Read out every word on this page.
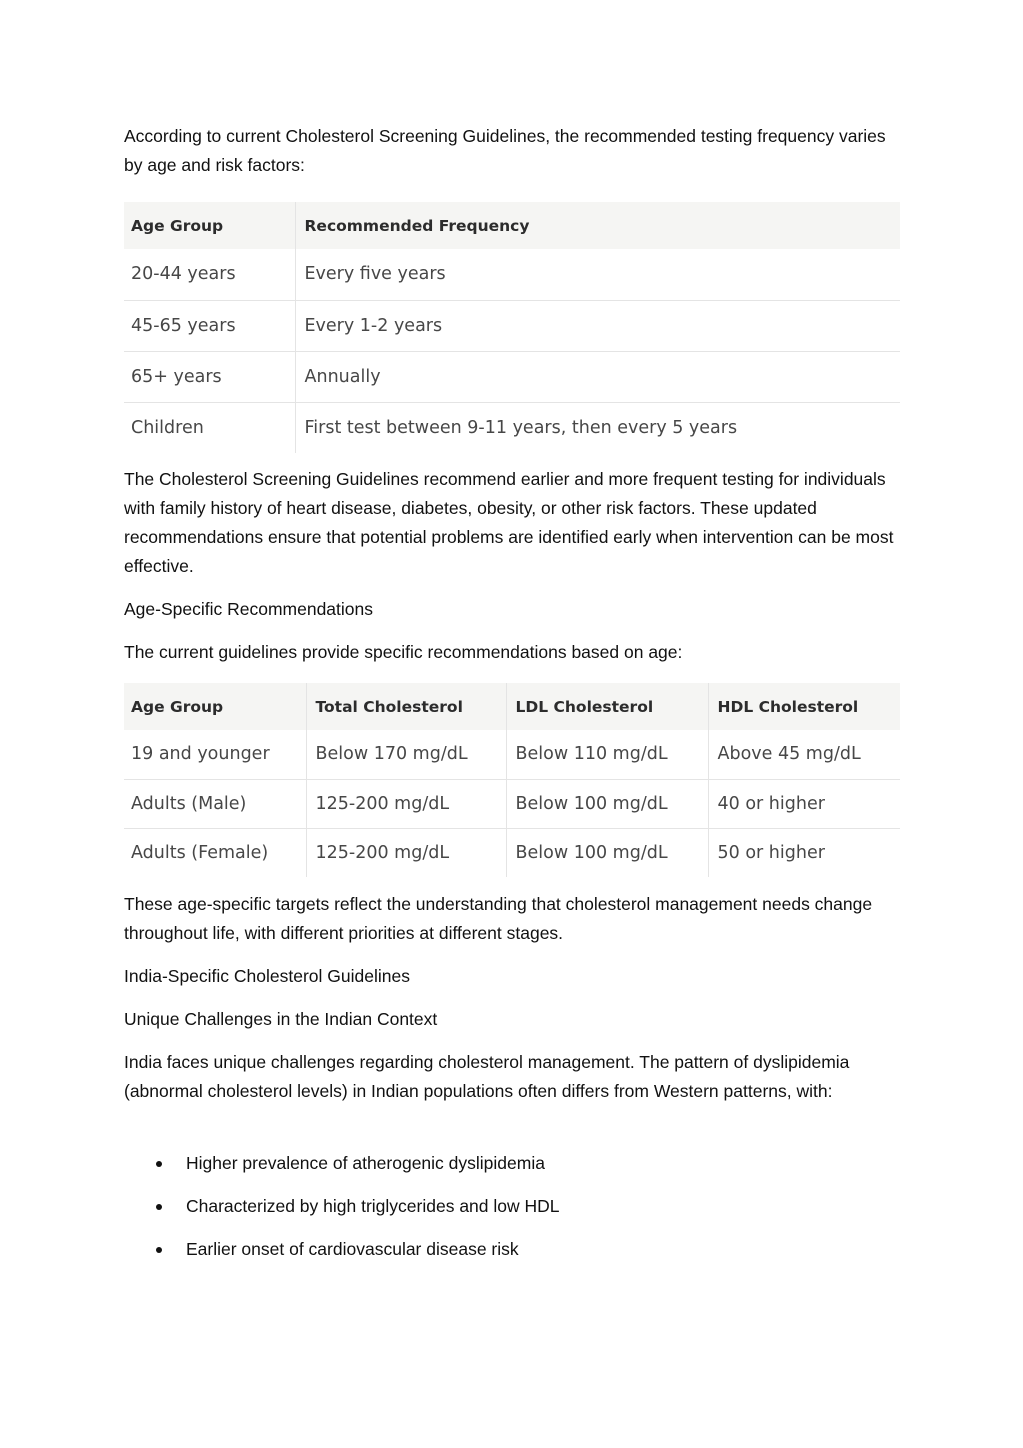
According to current Cholesterol Screening Guidelines, the recommended testing frequency varies by age and risk factors:

Age Group	Recommended Frequency
20-44 years	Every five years
45-65 years	Every 1-2 years
65+ years	Annually
Children	First test between 9-11 years, then every 5 years

The Cholesterol Screening Guidelines recommend earlier and more frequent testing for individuals with family history of heart disease, diabetes, obesity, or other risk factors. These updated recommendations ensure that potential problems are identified early when intervention can be most effective.

Age-Specific Recommendations

The current guidelines provide specific recommendations based on age:

Age Group	Total Cholesterol	LDL Cholesterol	HDL Cholesterol
19 and younger	Below 170 mg/dL	Below 110 mg/dL	Above 45 mg/dL
Adults (Male)	125-200 mg/dL	Below 100 mg/dL	40 or higher
Adults (Female)	125-200 mg/dL	Below 100 mg/dL	50 or higher

These age-specific targets reflect the understanding that cholesterol management needs change throughout life, with different priorities at different stages.

India-Specific Cholesterol Guidelines

Unique Challenges in the Indian Context

India faces unique challenges regarding cholesterol management. The pattern of dyslipidemia (abnormal cholesterol levels) in Indian populations often differs from Western patterns, with:

Higher prevalence of atherogenic dyslipidemia
Characterized by high triglycerides and low HDL
Earlier onset of cardiovascular disease risk
